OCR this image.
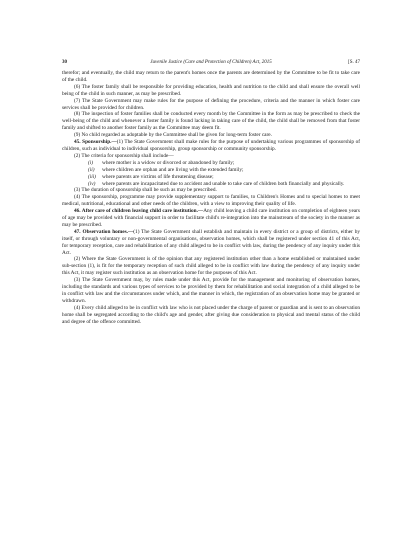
30	Juvenile Justice (Care and Protection of Children) Act, 2015	[S. 47

therefor; and eventually, the child may return to the parent's homes once the parents are determined by the Committee to be fit to take care of the child.

(6) The foster family shall be responsible for providing education, health and nutrition to the child and shall ensure the overall well being of the child in such manner, as may be prescribed.

(7) The State Government may make rules for the purpose of defining the procedure, criteria and the manner in which foster care services shall be provided for children.

(8) The inspection of foster families shall be conducted every month by the Committee in the form as may be prescribed to check the well-being of the child and whenever a foster family is found lacking in taking care of the child, the child shall be removed from that foster family and shifted to another foster family as the Committee may deem fit.

(9) No child regarded as adoptable by the Committee shall be given for long-term foster care.

45. Sponsorship.—(1) The State Government shall make rules for the purpose of undertaking various programmes of sponsorship of children, such as individual to individual sponsorship, group sponsorship or community sponsorship.

(2) The criteria for sponsorship shall include—

(i) where mother is a widow or divorced or abandoned by family;

(ii) where children are orphan and are living with the extended family;

(iii) where parents are victims of life threatening disease;

(iv) where parents are incapacitated due to accident and unable to take care of children both financially and physically.

(3) The duration of sponsorship shall be such as may be prescribed.

(4) The sponsorship, programme may provide supplementary support to families, to Children's Homes and to special homes to meet medical, nutritional, educational and other needs of the children, with a view to improving their quality of life.

46. After care of children leaving child care institution.—Any child leaving a child care institution on completion of eighteen years of age may be provided with financial support in order to facilitate child's re-integration into the mainstream of the society in the manner as may be prescribed.

47. Observation homes.—(1) The State Government shall establish and maintain in every district or a group of districts, either by itself, or through voluntary or non-governmental organisations, observation homes, which shall be registered under section 41 of this Act, for temporary reception, care and rehabilitation of any child alleged to be in conflict with law, during the pendency of any inquiry under this Act.

(2) Where the State Government is of the opinion that any registered institution other than a home established or maintained under sub-section (1), is fit for the temporary reception of such child alleged to be in conflict with law during the pendency of any inquiry under this Act, it may register such institution as an observation home for the purposes of this Act.

(3) The State Government may, by rules made under this Act, provide for the management and monitoring of observation homes, including the standards and various types of services to be provided by them for rehabilitation and social integration of a child alleged to be in conflict with law and the circumstances under which, and the manner in which, the registration of an observation home may be granted or withdrawn.

(4) Every child alleged to be in conflict with law who is not placed under the charge of parent or guardian and is sent to an observation home shall be segregated according to the child's age and gender, after giving due consideration to physical and mental status of the child and degree of the offence committed.
